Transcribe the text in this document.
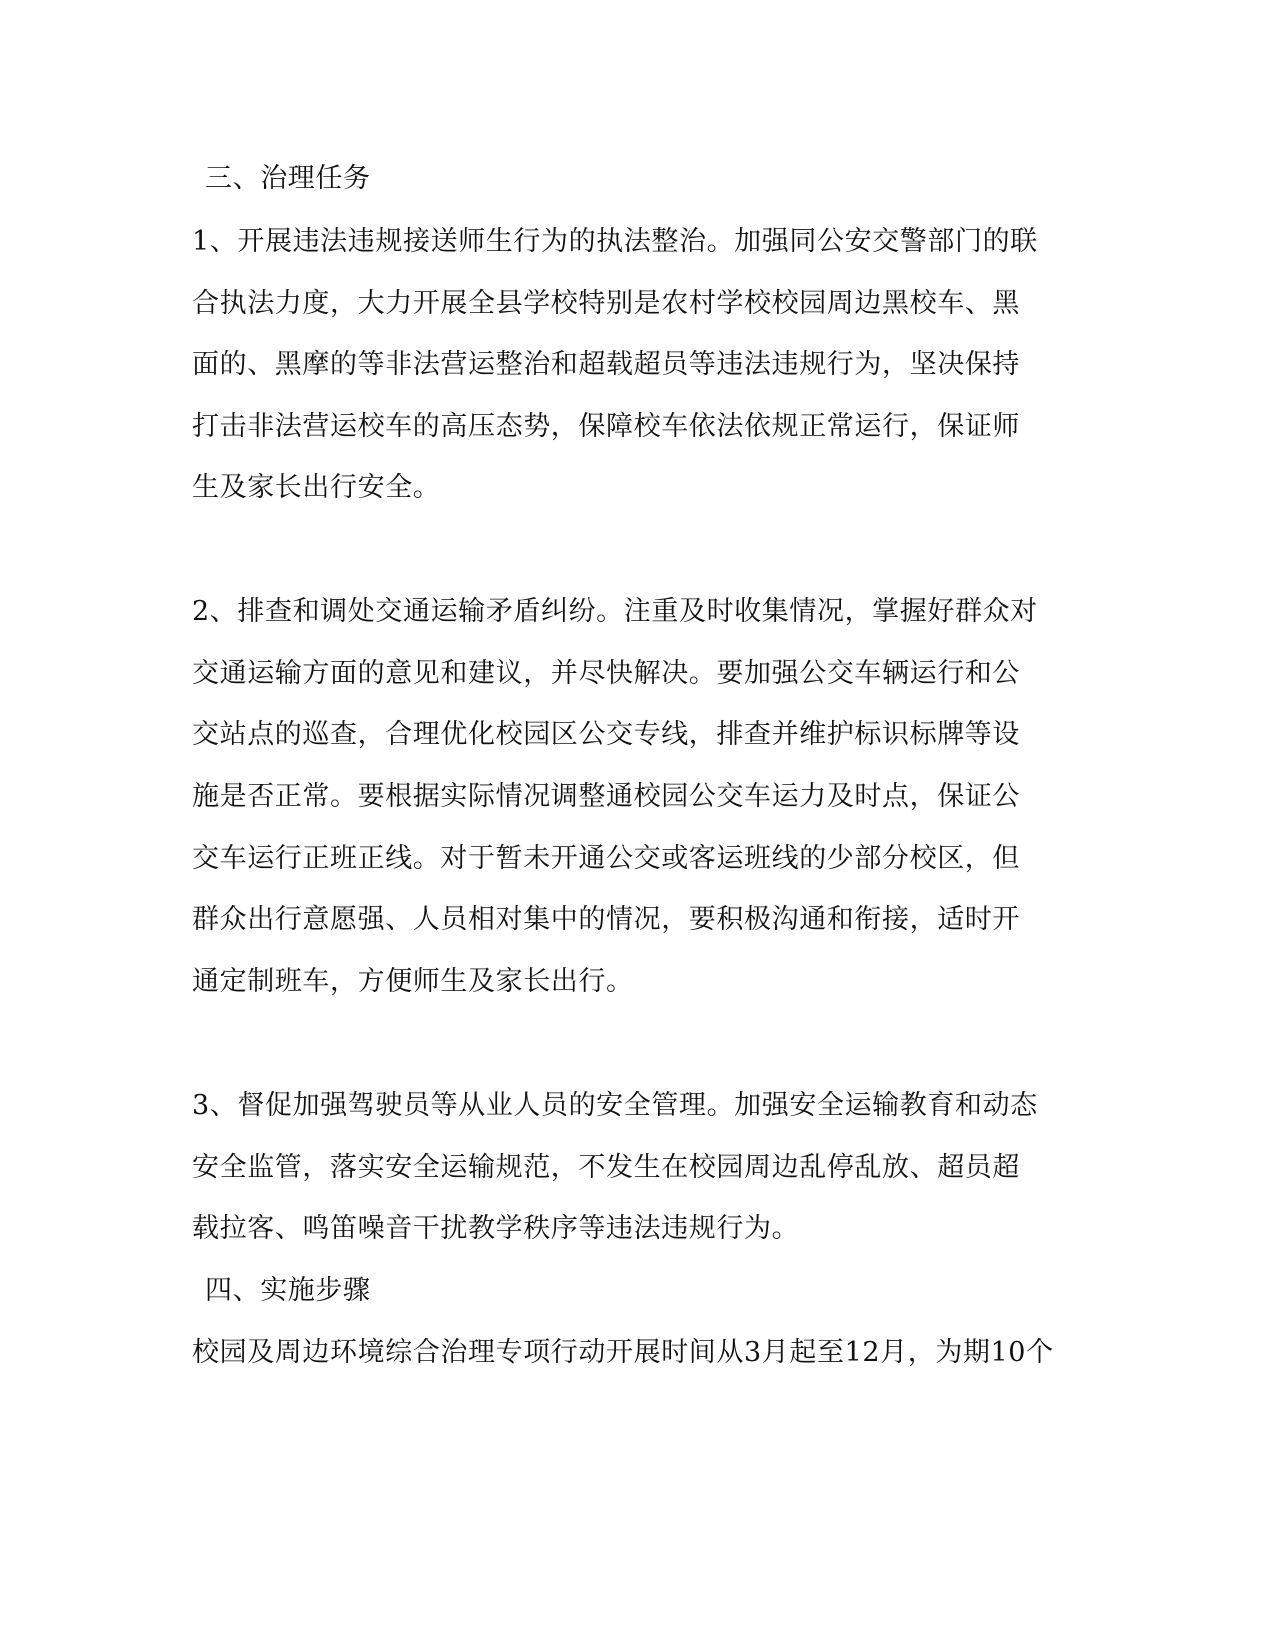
三、治理任务
1、开展违法违规接送师生行为的执法整治。加强同公安交警部门的联
合执法力度，大力开展全县学校特别是农村学校校园周边黑校车、黑
面的、黑摩的等非法营运整治和超载超员等违法违规行为，坚决保持
打击非法营运校车的高压态势，保障校车依法依规正常运行，保证师
生及家长出行安全。
2、排查和调处交通运输矛盾纠纷。注重及时收集情况，掌握好群众对
交通运输方面的意见和建议，并尽快解决。要加强公交车辆运行和公
交站点的巡查，合理优化校园区公交专线，排查并维护标识标牌等设
施是否正常。要根据实际情况调整通校园公交车运力及时点，保证公
交车运行正班正线。对于暂未开通公交或客运班线的少部分校区，但
群众出行意愿强、人员相对集中的情况，要积极沟通和衔接，适时开
通定制班车，方便师生及家长出行。
3、督促加强驾驶员等从业人员的安全管理。加强安全运输教育和动态
安全监管，落实安全运输规范，不发生在校园周边乱停乱放、超员超
载拉客、鸣笛噪音干扰教学秩序等违法违规行为。
四、实施步骤
校园及周边环境综合治理专项行动开展时间从3月起至12月，为期10个
